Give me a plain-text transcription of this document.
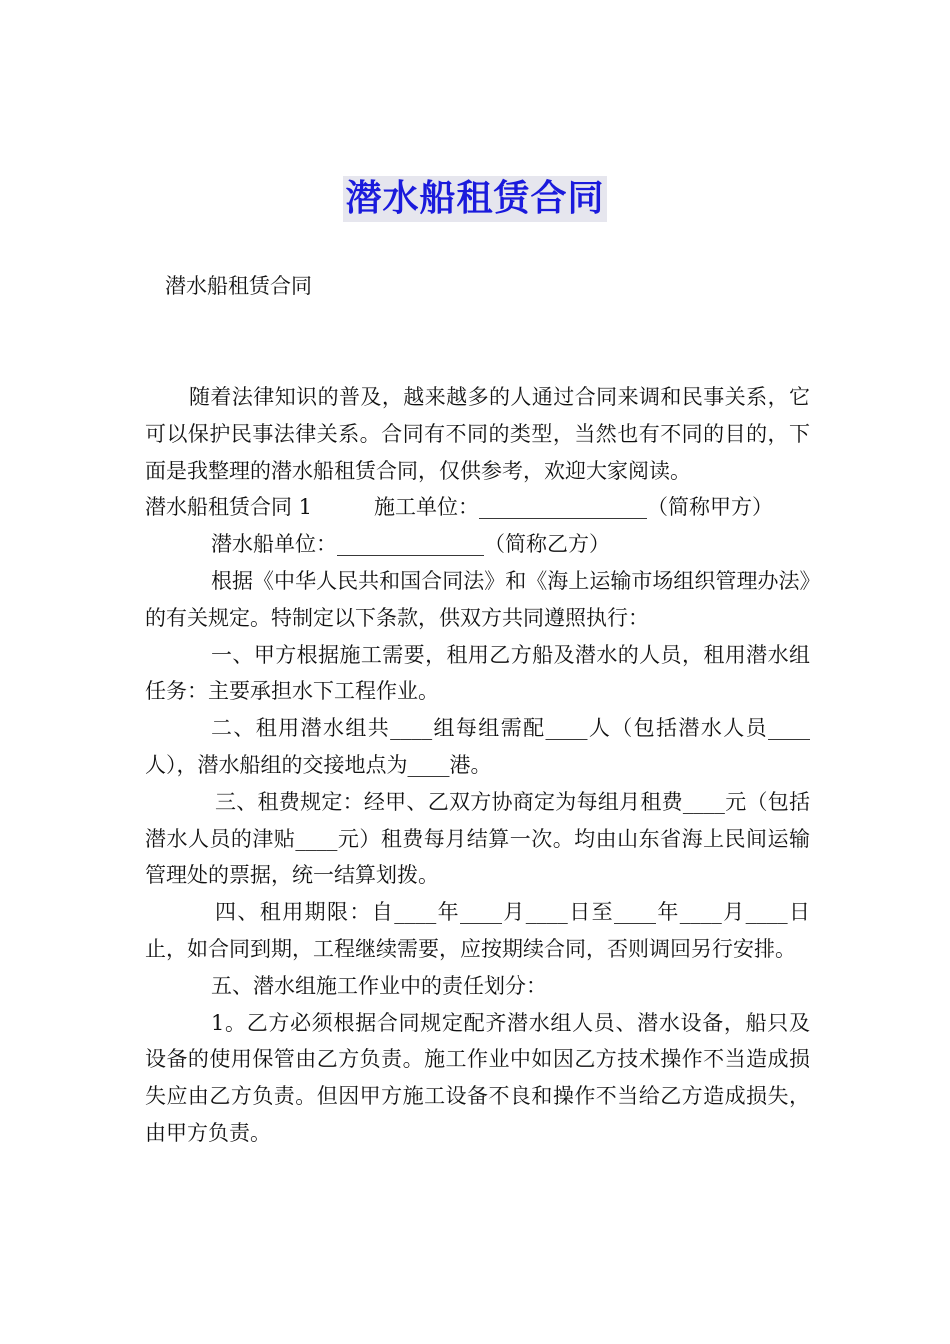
潜水船租赁合同
潜水船租赁合同

随着法律知识的普及，越来越多的人通过合同来调和民事关系，它可以保护民事法律关系。合同有不同的类型，当然也有不同的目的，下面是我整理的潜水船租赁合同，仅供参考，欢迎大家阅读。

潜水船租赁合同 1	施工单位：________________（简称甲方）

潜水船单位：______________（简称乙方）

根据《中华人民共和国合同法》和《海上运输市场组织管理办法》的有关规定。特制定以下条款，供双方共同遵照执行：

一、甲方根据施工需要，租用乙方船及潜水的人员，租用潜水组任务：主要承担水下工程作业。

二、租用潜水组共____组每组需配____人（包括潜水人员____人），潜水船组的交接地点为____港。

三、租费规定：经甲、乙双方协商定为每组月租费____元（包括潜水人员的津贴____元）租费每月结算一次。均由山东省海上民间运输管理处的票据，统一结算划拨。

四、租用期限：自____年____月____日至____年____月____日止，如合同到期，工程继续需要，应按期续合同，否则调回另行安排。

五、潜水组施工作业中的责任划分：

1。乙方必须根据合同规定配齐潜水组人员、潜水设备，船只及设备的使用保管由乙方负责。施工作业中如因乙方技术操作不当造成损失应由乙方负责。但因甲方施工设备不良和操作不当给乙方造成损失，由甲方负责。
